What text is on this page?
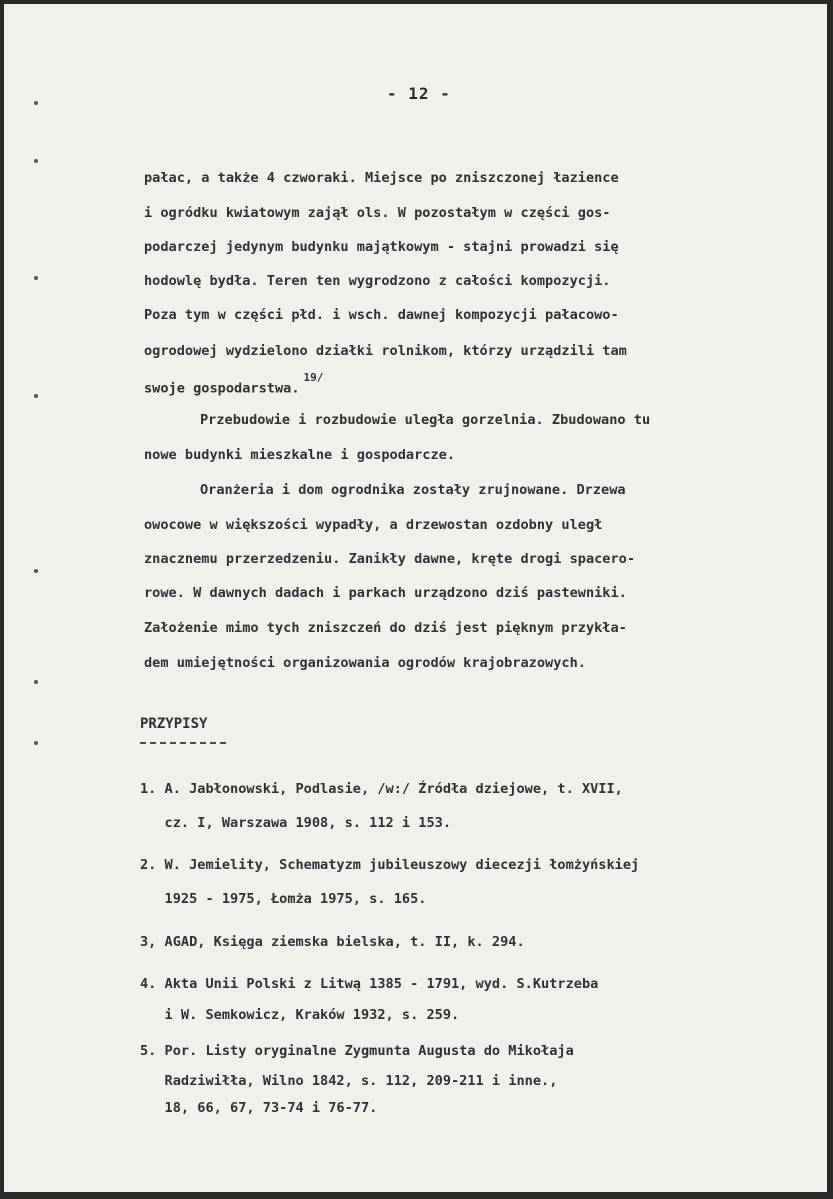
- 12 -
pałac, a także 4 czworaki. Miejsce po zniszczonej łazience
i ogródku kwiatowym zajął ols. W pozostałym w części gos-
podarczej jedynym budynku majątkowym - stajni prowadzi się
hodowlę bydła. Teren ten wygrodzono z całości kompozycji.
Poza tym w części płd. i wsch. dawnej kompozycji pałacowo-
ogrodowej wydzielono działki rolnikom, którzy urządzili tam
swoje gospodarstwa.$^{19/}$
Przebudowie i rozbudowie uległa gorzelnia. Zbudowano tu
nowe budynki mieszkalne i gospodarcze.
Oranżeria i dom ogrodnika zostały zrujnowane. Drzewa
owocowe w większości wypadły, a drzewostan ozdobny uległ
znacznemu przerzedzeniu. Zanikły dawne, kręte drogi spacero-
rowe. W dawnych dadach i parkach urządzono dziś pastewniki.
Założenie mimo tych zniszczeń do dziś jest pięknym przykła-
dem umiejętności organizowania ogrodów krajobrazowych.
PRZYPISY
1. A. Jabłonowski, Podlasie, /w:/ Źródła dziejowe, t. XVII,
cz. I, Warszawa 1908, s. 112 i 153.
2. W. Jemielity, Schematyzm jubileuszowy diecezji łomżyńskiej
1925 - 1975, Łomża 1975, s. 165.
3, AGAD, Księga ziemska bielska, t. II, k. 294.
4. Akta Unii Polski z Litwą 1385 - 1791, wyd. S.Kutrzeba
i W. Semkowicz, Kraków 1932, s. 259.
5. Por. Listy oryginalne Zygmunta Augusta do Mikołaja
Radziwiłła, Wilno 1842, s. 112, 209-211 i inne.,
18, 66, 67, 73-74 i 76-77.
